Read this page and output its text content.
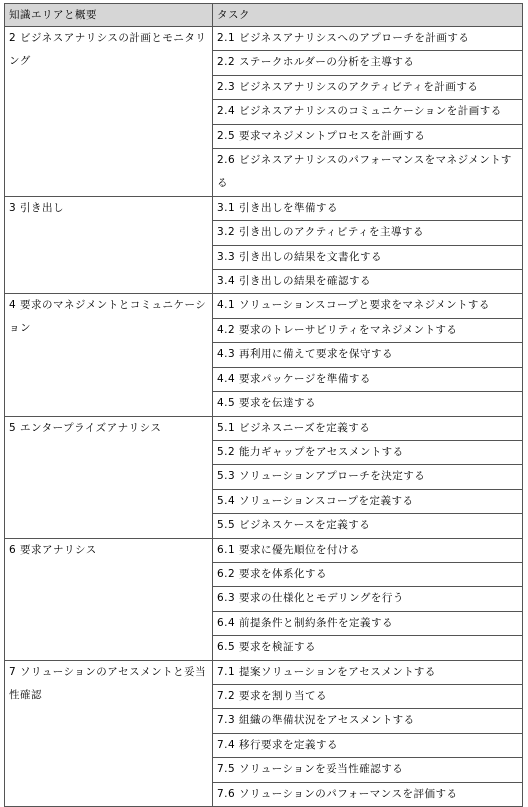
知識エリアと概要	タスク
2 ビジネスアナリシスの計画とモニタリング	2.1 ビジネスアナリシスへのアプローチを計画する
	2.2 ステークホルダーの分析を主導する
	2.3 ビジネスアナリシスのアクティビティを計画する
	2.4 ビジネスアナリシスのコミュニケーションを計画する
	2.5 要求マネジメントプロセスを計画する
	2.6 ビジネスアナリシスのパフォーマンスをマネジメントする
3 引き出し	3.1 引き出しを準備する
	3.2 引き出しのアクティビティを主導する
	3.3 引き出しの結果を文書化する
	3.4 引き出しの結果を確認する
4 要求のマネジメントとコミュニケーション	4.1 ソリューションスコープと要求をマネジメントする
	4.2 要求のトレーサビリティをマネジメントする
	4.3 再利用に備えて要求を保守する
	4.4 要求パッケージを準備する
	4.5 要求を伝達する
5 エンタープライズアナリシス	5.1 ビジネスニーズを定義する
	5.2 能力ギャップをアセスメントする
	5.3 ソリューションアプローチを決定する
	5.4 ソリューションスコープを定義する
	5.5 ビジネスケースを定義する
6 要求アナリシス	6.1 要求に優先順位を付ける
	6.2 要求を体系化する
	6.3 要求の仕様化とモデリングを行う
	6.4 前提条件と制約条件を定義する
	6.5 要求を検証する
7 ソリューションのアセスメントと妥当性確認	7.1 提案ソリューションをアセスメントする
	7.2 要求を割り当てる
	7.3 組織の準備状況をアセスメントする
	7.4 移行要求を定義する
	7.5 ソリューションを妥当性確認する
	7.6 ソリューションのパフォーマンスを評価する
